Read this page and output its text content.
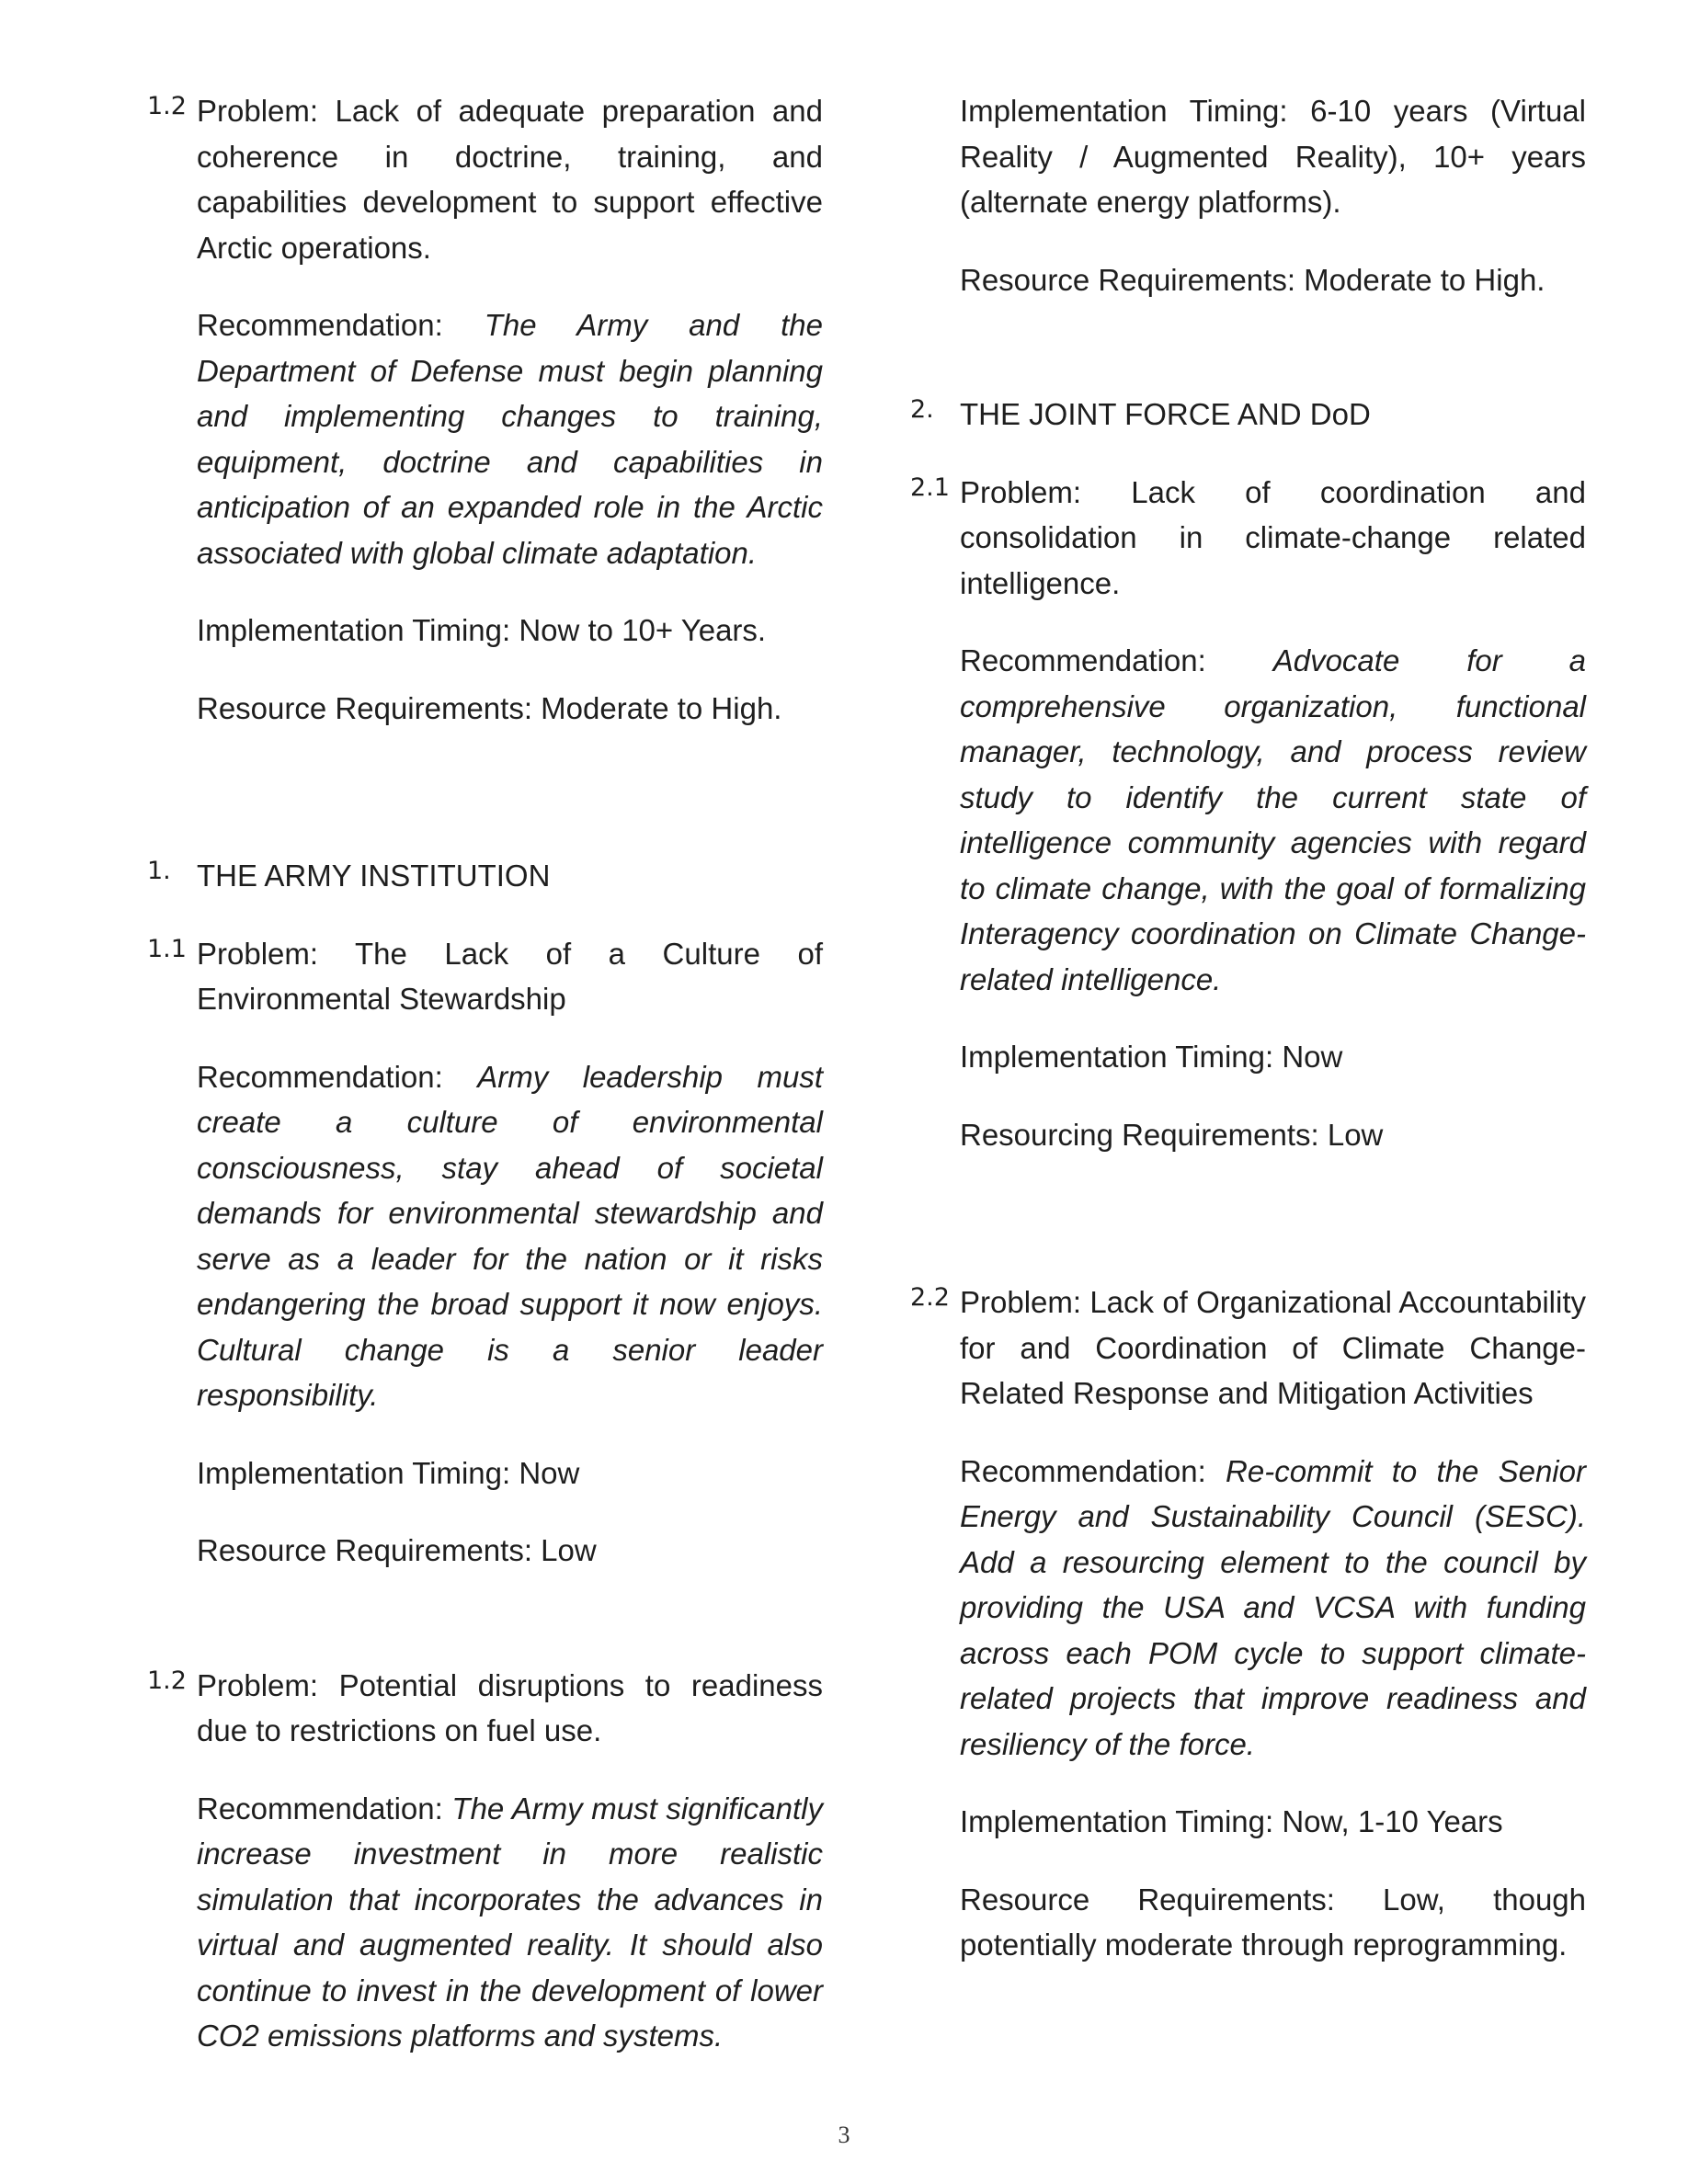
1.2 Problem: Lack of adequate preparation and coherence in doctrine, training, and capabilities development to support effective Arctic operations.

Recommendation: The Army and the Department of Defense must begin planning and implementing changes to training, equipment, doctrine and capabilities in anticipation of an expanded role in the Arctic associated with global climate adaptation.

Implementation Timing: Now to 10+ Years.

Resource Requirements: Moderate to High.

1. THE ARMY INSTITUTION

1.1 Problem: The Lack of a Culture of Environmental Stewardship

Recommendation: Army leadership must create a culture of environmental consciousness, stay ahead of societal demands for environmental stewardship and serve as a leader for the nation or it risks endangering the broad support it now enjoys. Cultural change is a senior leader responsibility.

Implementation Timing: Now

Resource Requirements: Low

1.2 Problem: Potential disruptions to readiness due to restrictions on fuel use.

Recommendation: The Army must significantly increase investment in more realistic simulation that incorporates the advances in virtual and augmented reality. It should also continue to invest in the development of lower CO2 emissions platforms and systems.

Implementation Timing: 6-10 years (Virtual Reality / Augmented Reality), 10+ years (alternate energy platforms).

Resource Requirements: Moderate to High.

2. THE JOINT FORCE AND DoD

2.1 Problem: Lack of coordination and consolidation in climate-change related intelligence.

Recommendation: Advocate for a comprehensive organization, functional manager, technology, and process review study to identify the current state of intelligence community agencies with regard to climate change, with the goal of formalizing Interagency coordination on Climate Change-related intelligence.

Implementation Timing: Now

Resourcing Requirements: Low

2.2 Problem: Lack of Organizational Accountability for and Coordination of Climate Change-Related Response and Mitigation Activities

Recommendation: Re-commit to the Senior Energy and Sustainability Council (SESC). Add a resourcing element to the council by providing the USA and VCSA with funding across each POM cycle to support climate-related projects that improve readiness and resiliency of the force.

Implementation Timing: Now, 1-10 Years

Resource Requirements: Low, though potentially moderate through reprogramming.

3
